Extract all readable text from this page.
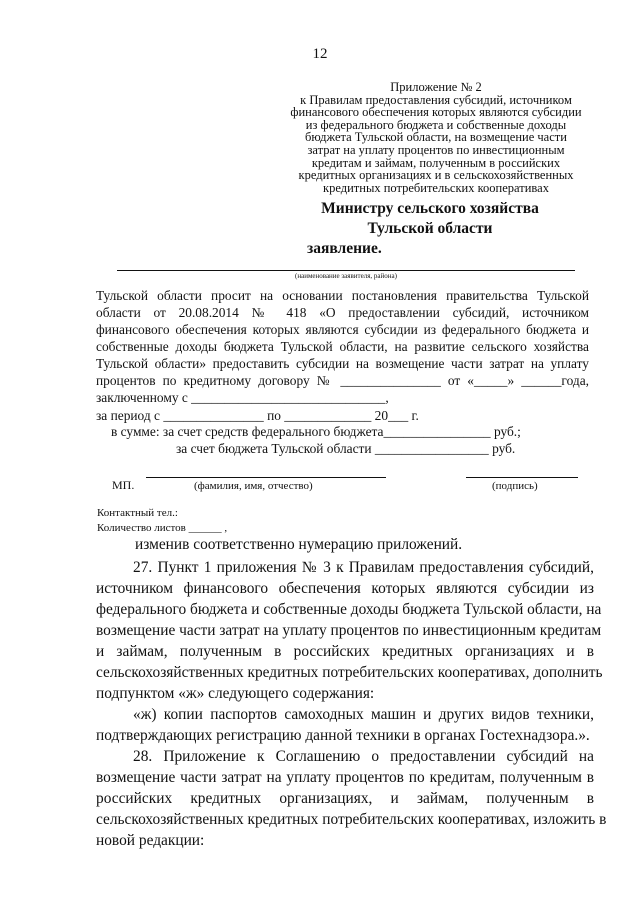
12
Приложение № 2
к Правилам предоставления субсидий, источником
финансового обеспечения которых являются субсидии
из федерального бюджета и собственные доходы
бюджета Тульской области, на возмещение части
затрат на уплату процентов по инвестиционным
кредитам и займам, полученным в российских
кредитных организациях и в сельскохозяйственных
кредитных потребительских кооперативах
Министру сельского хозяйства
Тульской области
заявление.
(наименование заявителя, района)
Тульской области просит на основании постановления правительства Тульской
области от 20.08.2014 № 418 «О предоставлении субсидий, источником
финансового обеспечения которых являются субсидии из федерального бюджета и
собственные доходы бюджета Тульской области, на развитие сельского хозяйства
Тульской области» предоставить субсидии на возмещение части затрат на уплату
процентов по кредитному договору № _______________ от «_____» ______года,
заключенному с _____________________________,
за период с _______________ по _____________ 20___ г.
в сумме: за счет средств федерального бюджета________________ руб.;
за счет бюджета Тульской области _________________ руб.
МП.	(фамилия, имя, отчество)	(подпись)
Контактный тел.:
Количество листов ______ ,
изменив соответственно нумерацию приложений.
27. Пункт 1 приложения № 3 к Правилам предоставления субсидий,
источником финансового обеспечения которых являются субсидии из
федерального бюджета и собственные доходы бюджета Тульской области, на
возмещение части затрат на уплату процентов по инвестиционным кредитам
и займам, полученным в российских кредитных организациях и в
сельскохозяйственных кредитных потребительских кооперативах, дополнить
подпунктом «ж» следующего содержания:
«ж) копии паспортов самоходных машин и других видов техники,
подтверждающих регистрацию данной техники в органах Гостехнадзора.».
28. Приложение к Соглашению о предоставлении субсидий на
возмещение части затрат на уплату процентов по кредитам, полученным в
российских кредитных организациях, и займам, полученным в
сельскохозяйственных кредитных потребительских кооперативах, изложить в
новой редакции:
